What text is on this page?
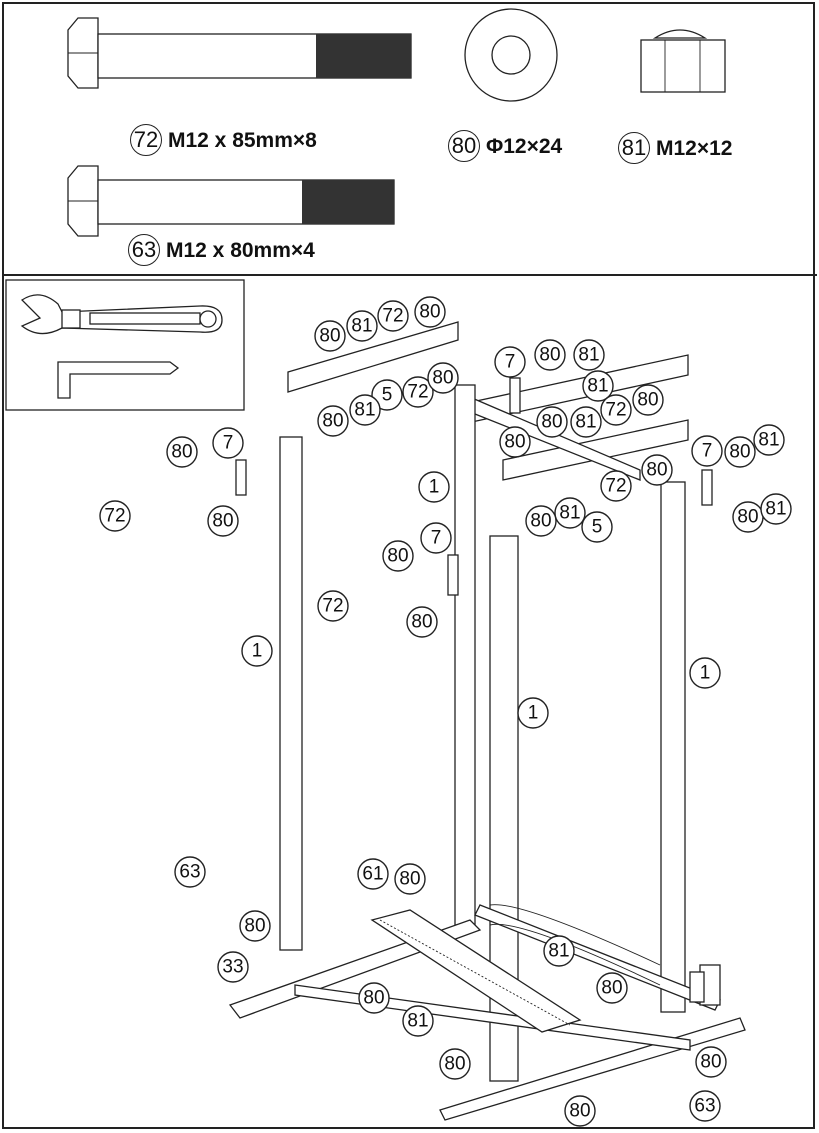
80 81 72 80
5 72
80
80
81
7 80 81
81
80 81
72 80
80
80
72
81
80 5
7 80
81
80 81
7
80
72	80
1
80
7
72
80
1
1
1
63
80
33
61 80
81
80
80
81
80	80
80	63
72 M12 x 85mm×8
63 M12 x 80mm×4
80 Φ12×24	81 M12×12
